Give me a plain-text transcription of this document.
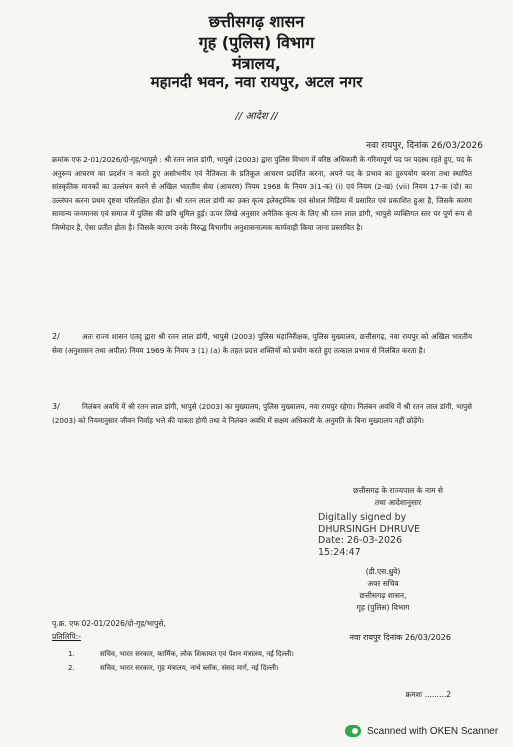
छत्तीसगढ़ शासन
गृह (पुलिस) विभाग
मंत्रालय,
महानदी भवन, नवा रायपुर, अटल नगर
// आदेश //
नवा रायपुर, दिनांक 26/03/2026
क्रमांक एफ 2-01/2026/दो-गृह/भापुसे : श्री रतन लाल डांगी, भापुसे (2003) द्वारा पुलिस विभाग में वरिष्ठ अधिकारी के गरिमापूर्ण पद पर पदस्थ रहते हुए, पद के अनुरूप आचरण का प्रदर्शन न करते हुए असोभनीय एवं नैतिकता के प्रतिकूल आचरण प्रदर्शित करना, अपने पद के प्रभाव का दुरुपयोग करना तथा स्थापित सांस्कृतिक मानकों का उल्लंघन करने से अखिल भारतीय सेवा (आचरण) नियम 1968 के नियम 3(1-क) (i) एवं नियम (2-ख) (vii) नियम 17-क (दो) का उल्लंघन करना प्रथम दृष्टया परिलक्षित होता है। श्री रतन लाल डांगी का उक्त कृत्य इलेक्ट्रानिक एवं सोशल मिडिया में प्रसारित एवं प्रकाशित हुआ है, जिसके कारण सामान्य जनमानस एवं समाज में पुलिस की छवि धूमिल हुई। ऊपर लिखे अनुसार अनैतिक कृत्य के लिए श्री रतन लाल डांगी, भापुसे व्यक्तिगत स्तर पर पूर्ण रूप से जिम्मेदार है, ऐसा प्रतीत होता है। जिसके कारण उनके विरुद्ध विभागीय अनुशासनात्मक कार्यवाही किया जाना प्रस्तावित है।
2/	अतः राज्य शासन एतद् द्वारा श्री रतन लाल डांगी, भापुसे (2003) पुलिस महानिरीक्षक, पुलिस मुख्यालय, छत्तीसगढ़, नवा रायपुर को अखिल भारतीय सेवा (अनुशासन तथा अपील) नियम 1969 के नियम 3 (1) (a) के तहत प्रदत्त शक्तियों को प्रयोग करते हुए तत्काल प्रभाव से निलंबित करता है।
3/	निलंबन अवधि में श्री रतन लाल डांगी, भापुसे (2003) का मुख्यालय, पुलिस मुख्यालय, नवा रायपुर रहेगा। निलंबन अवधि में श्री रतन लाल डांगी, भापुसे (2003) को नियमानुसार जीवन निर्वाह भत्ते की पात्रता होगी तथा वे निलंबन अवधि में सक्षम अधिकारी के अनुमति के बिना मुख्यालय नहीं छोड़ेंगे।
छत्तीसगढ़ के राज्यपाल के नाम से
तथा आदेशानुसार
Digitally signed by
DHURSINGH DHRUVE
Date: 26-03-2026
15:24:47
(डी.एस.ध्रुवे)
अवर सचिव
छत्तीसगढ़ शासन,
गृह (पुलिस) विभाग
पृ.क्र. एफ 02-01/2026/दो-गृह/भापुसे,
प्रतिलिपि:-	नवा रायपुर दिनांक 26/03/2026
1.	सचिव, भारत सरकार, कार्मिक, लोक शिकायत एवं पेंशन मंत्रालय, नई दिल्ली।
2.	सचिव, भारत सरकार, गृह मंत्रालय, नार्थ ब्लॉक, संसद मार्ग, नई दिल्ली।
क्रमशः .........2
Scanned with OKEN Scanner
